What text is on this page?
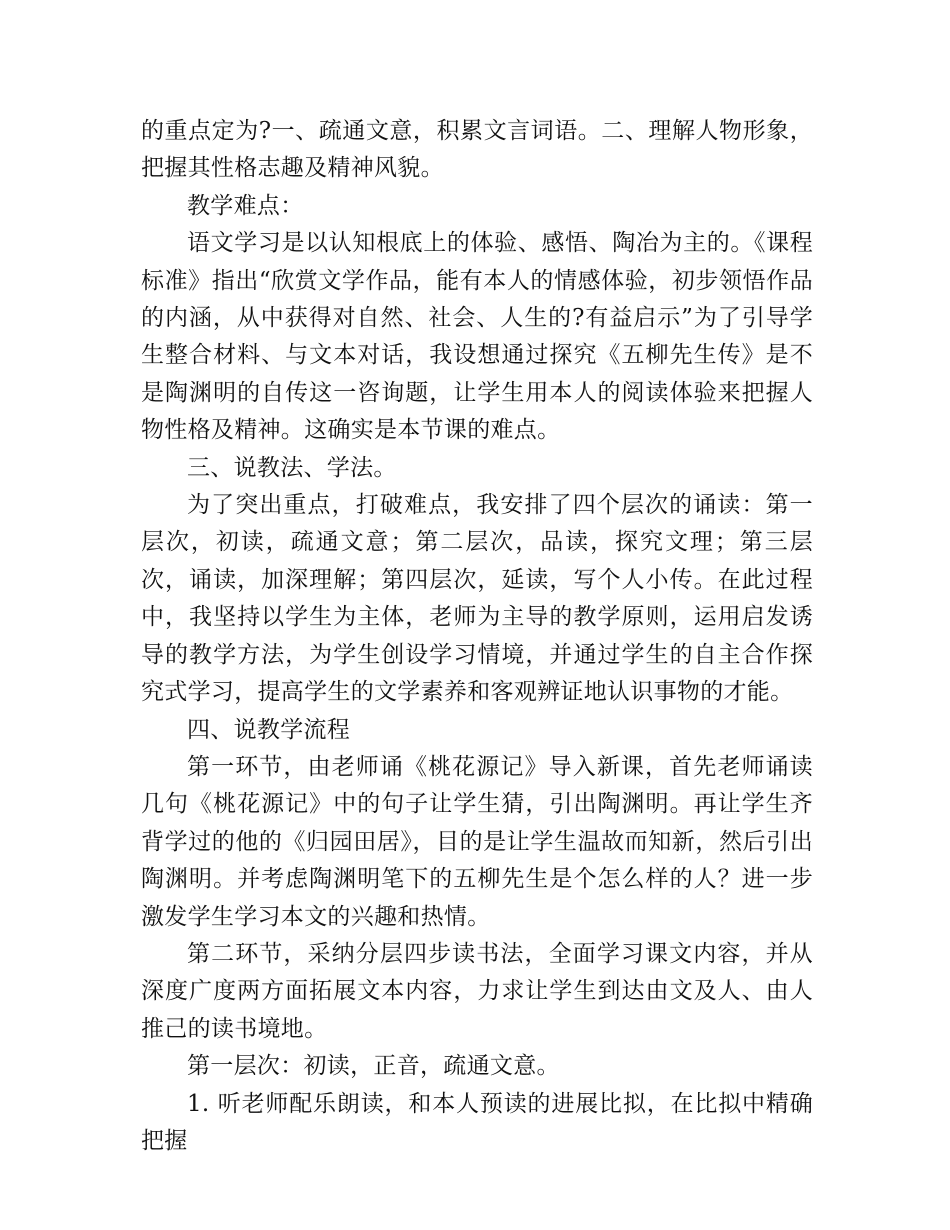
的重点定为?一、疏通文意，积累文言词语。二、理解人物形象，把握其性格志趣及精神风貌。

教学难点：

语文学习是以认知根底上的体验、感悟、陶冶为主的。《课程标准》指出“欣赏文学作品，能有本人的情感体验，初步领悟作品的内涵，从中获得对自然、社会、人生的?有益启示”为了引导学生整合材料、与文本对话，我设想通过探究《五柳先生传》是不是陶渊明的自传这一咨询题，让学生用本人的阅读体验来把握人物性格及精神。这确实是本节课的难点。

三、说教法、学法。

为了突出重点，打破难点，我安排了四个层次的诵读：第一层次，初读，疏通文意；第二层次，品读，探究文理；第三层次，诵读，加深理解；第四层次，延读，写个人小传。在此过程中，我坚持以学生为主体，老师为主导的教学原则，运用启发诱导的教学方法，为学生创设学习情境，并通过学生的自主合作探究式学习，提高学生的文学素养和客观辨证地认识事物的才能。

四、说教学流程

第一环节，由老师诵《桃花源记》导入新课，首先老师诵读几句《桃花源记》中的句子让学生猜，引出陶渊明。再让学生齐背学过的他的《归园田居》，目的是让学生温故而知新，然后引出陶渊明。并考虑陶渊明笔下的五柳先生是个怎么样的人？进一步激发学生学习本文的兴趣和热情。

第二环节，采纳分层四步读书法，全面学习课文内容，并从深度广度两方面拓展文本内容，力求让学生到达由文及人、由人推己的读书境地。

第一层次：初读，正音，疏通文意。

1. 听老师配乐朗读，和本人预读的进展比拟，在比拟中精确把握
